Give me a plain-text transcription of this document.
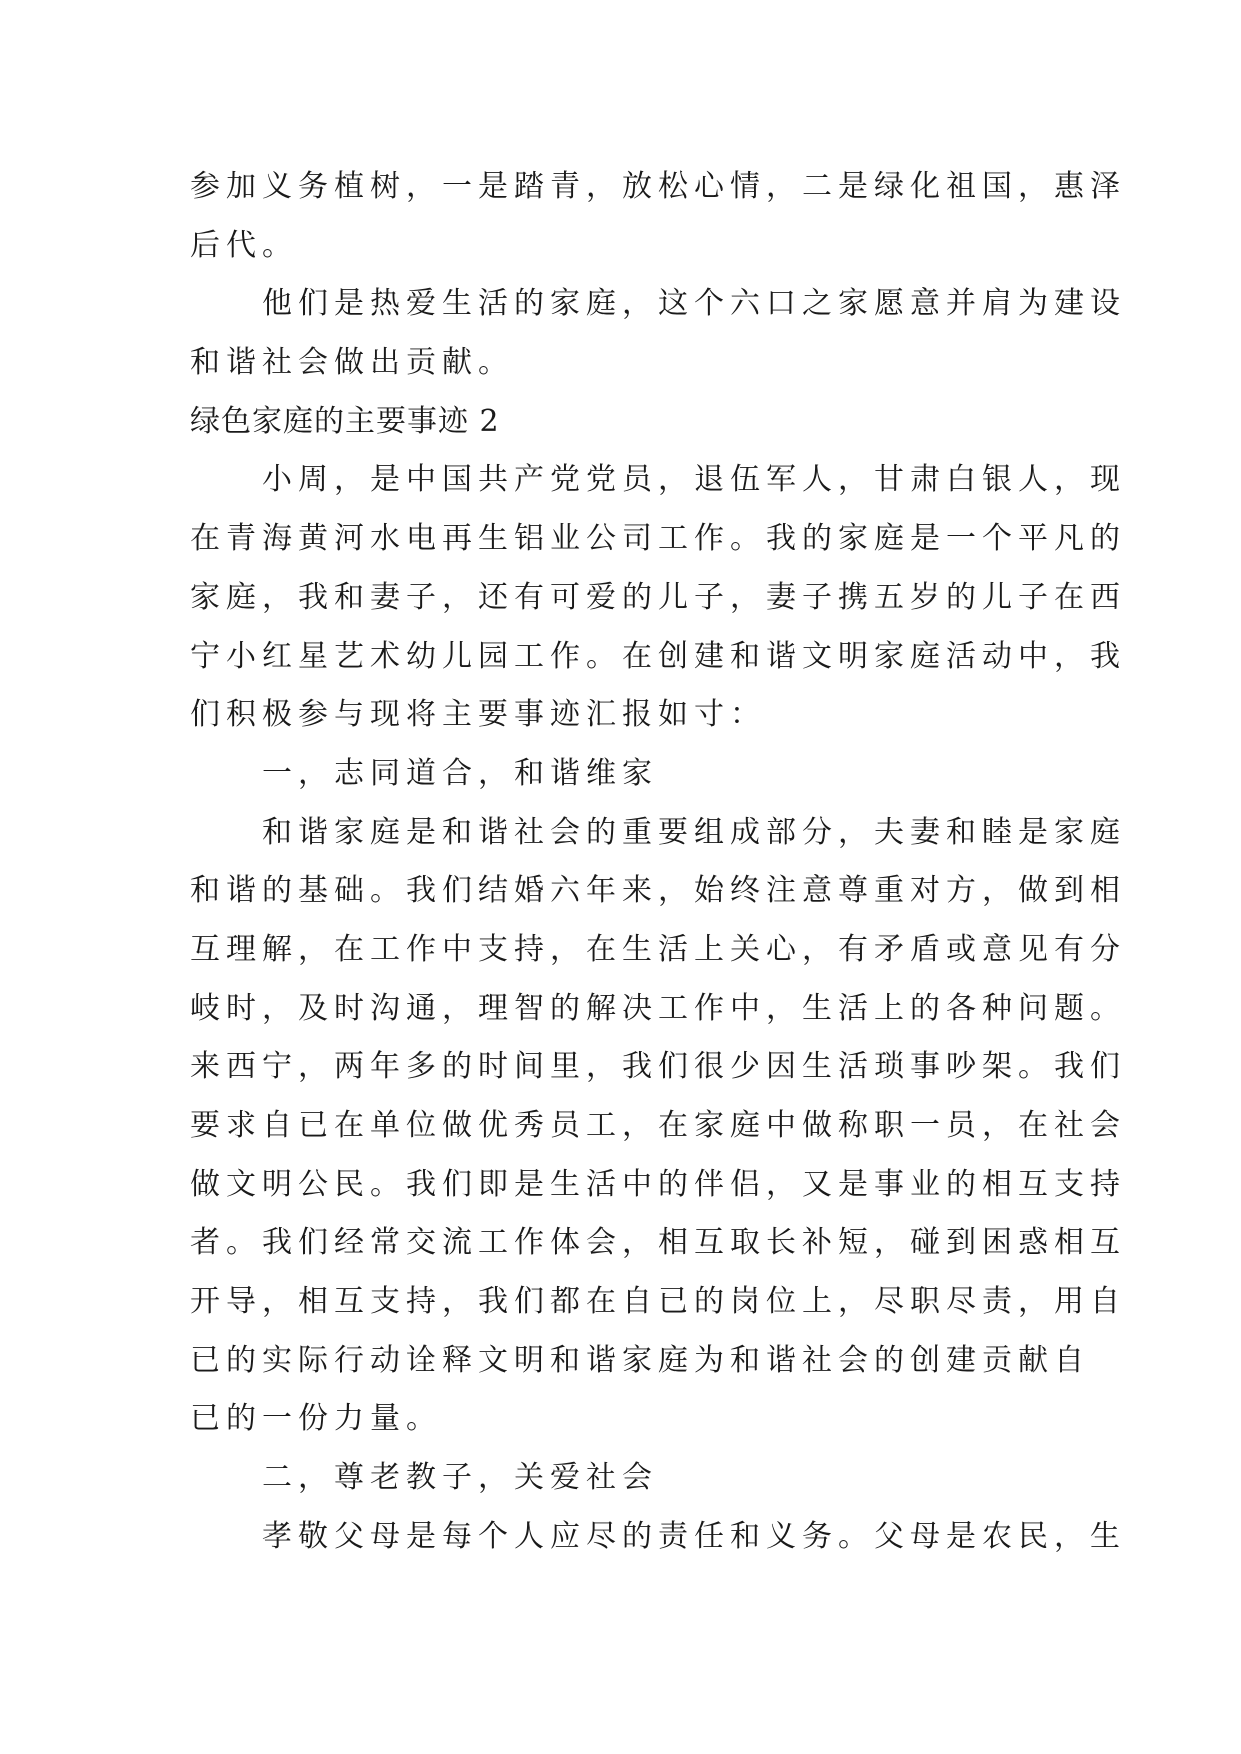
参加义务植树，一是踏青，放松心情，二是绿化祖国，惠泽
后代。
他们是热爱生活的家庭，这个六口之家愿意并肩为建设
和谐社会做出贡献。
绿色家庭的主要事迹 2
小周，是中国共产党党员，退伍军人，甘肃白银人，现
在青海黄河水电再生铝业公司工作。我的家庭是一个平凡的
家庭，我和妻子，还有可爱的儿子，妻子携五岁的儿子在西
宁小红星艺术幼儿园工作。在创建和谐文明家庭活动中，我
们积极参与现将主要事迹汇报如寸：
一，志同道合，和谐维家
和谐家庭是和谐社会的重要组成部分，夫妻和睦是家庭
和谐的基础。我们结婚六年来，始终注意尊重对方，做到相
互理解，在工作中支持，在生活上关心，有矛盾或意见有分
岐时，及时沟通，理智的解决工作中，生活上的各种问题。
来西宁，两年多的时间里，我们很少因生活琐事吵架。我们
要求自已在单位做优秀员工，在家庭中做称职一员，在社会
做文明公民。我们即是生活中的伴侣，又是事业的相互支持
者。我们经常交流工作体会，相互取长补短，碰到困惑相互
开导，相互支持，我们都在自已的岗位上，尽职尽责，用自
已的实际行动诠释文明和谐家庭为和谐社会的创建贡献自
已的一份力量。
二，尊老教子，关爱社会
孝敬父母是每个人应尽的责任和义务。父母是农民，生
